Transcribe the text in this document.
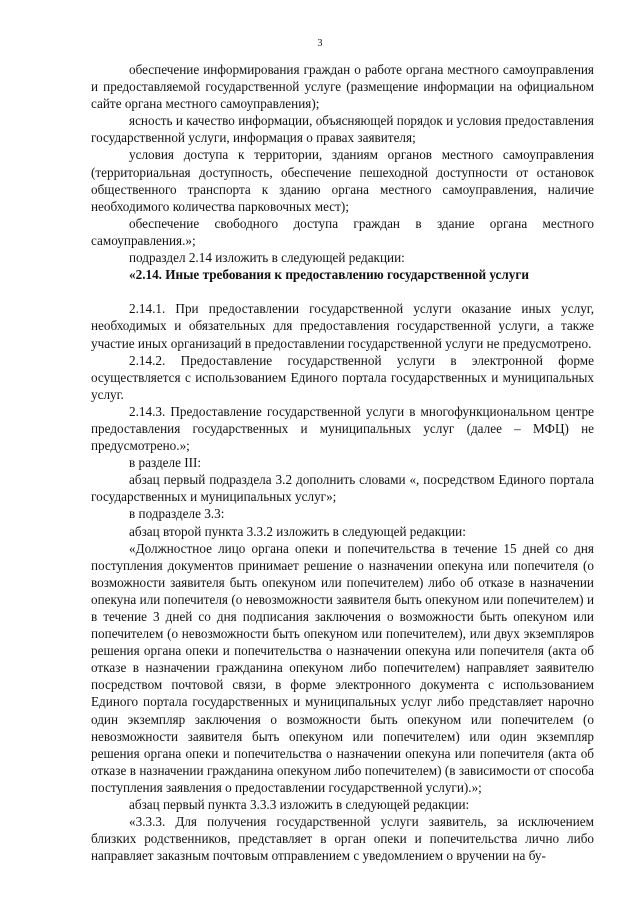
3

обеспечение информирования граждан о работе органа местного самоуправления и предоставляемой государственной услуге (размещение информации на официальном сайте органа местного самоуправления);

ясность и качество информации, объясняющей порядок и условия предоставления государственной услуги, информация о правах заявителя;

условия доступа к территории, зданиям органов местного самоуправления (территориальная доступность, обеспечение пешеходной доступности от остановок общественного транспорта к зданию органа местного самоуправления, наличие необходимого количества парковочных мест);

обеспечение свободного доступа граждан в здание органа местного самоуправления.»;

подраздел 2.14 изложить в следующей редакции:

«2.14. Иные требования к предоставлению государственной услуги

2.14.1. При предоставлении государственной услуги оказание иных услуг, необходимых и обязательных для предоставления государственной услуги, а также участие иных организаций в предоставлении государственной услуги не предусмотрено.

2.14.2. Предоставление государственной услуги в электронной форме осуществляется с использованием Единого портала государственных и муниципальных услуг.

2.14.3. Предоставление государственной услуги в многофункциональном центре предоставления государственных и муниципальных услуг (далее – МФЦ) не предусмотрено.»;

в разделе III:

абзац первый подраздела 3.2 дополнить словами «, посредством Единого портала государственных и муниципальных услуг»;

в подразделе 3.3:

абзац второй пункта 3.3.2 изложить в следующей редакции:

«Должностное лицо органа опеки и попечительства в течение 15 дней со дня поступления документов принимает решение о назначении опекуна или попечителя (о возможности заявителя быть опекуном или попечителем) либо об отказе в назначении опекуна или попечителя (о невозможности заявителя быть опекуном или попечителем) и в течение 3 дней со дня подписания заключения о возможности быть опекуном или попечителем (о невозможности быть опекуном или попечителем), или двух экземпляров решения органа опеки и попечительства о назначении опекуна или попечителя (акта об отказе в назначении гражданина опекуном либо попечителем) направляет заявителю посредством почтовой связи, в форме электронного документа с использованием Единого портала государственных и муниципальных услуг либо представляет нарочно один экземпляр заключения о возможности быть опекуном или попечителем (о невозможности заявителя быть опекуном или попечителем) или один экземпляр решения органа опеки и попечительства о назначении опекуна или попечителя (акта об отказе в назначении гражданина опекуном либо попечителем) (в зависимости от способа поступления заявления о предоставлении государственной услуги).»;

абзац первый пункта 3.3.3 изложить в следующей редакции:

«3.3.3. Для получения государственной услуги заявитель, за исключением близких родственников, представляет в орган опеки и попечительства лично либо направляет заказным почтовым отправлением с уведомлением о вручении на бу-
